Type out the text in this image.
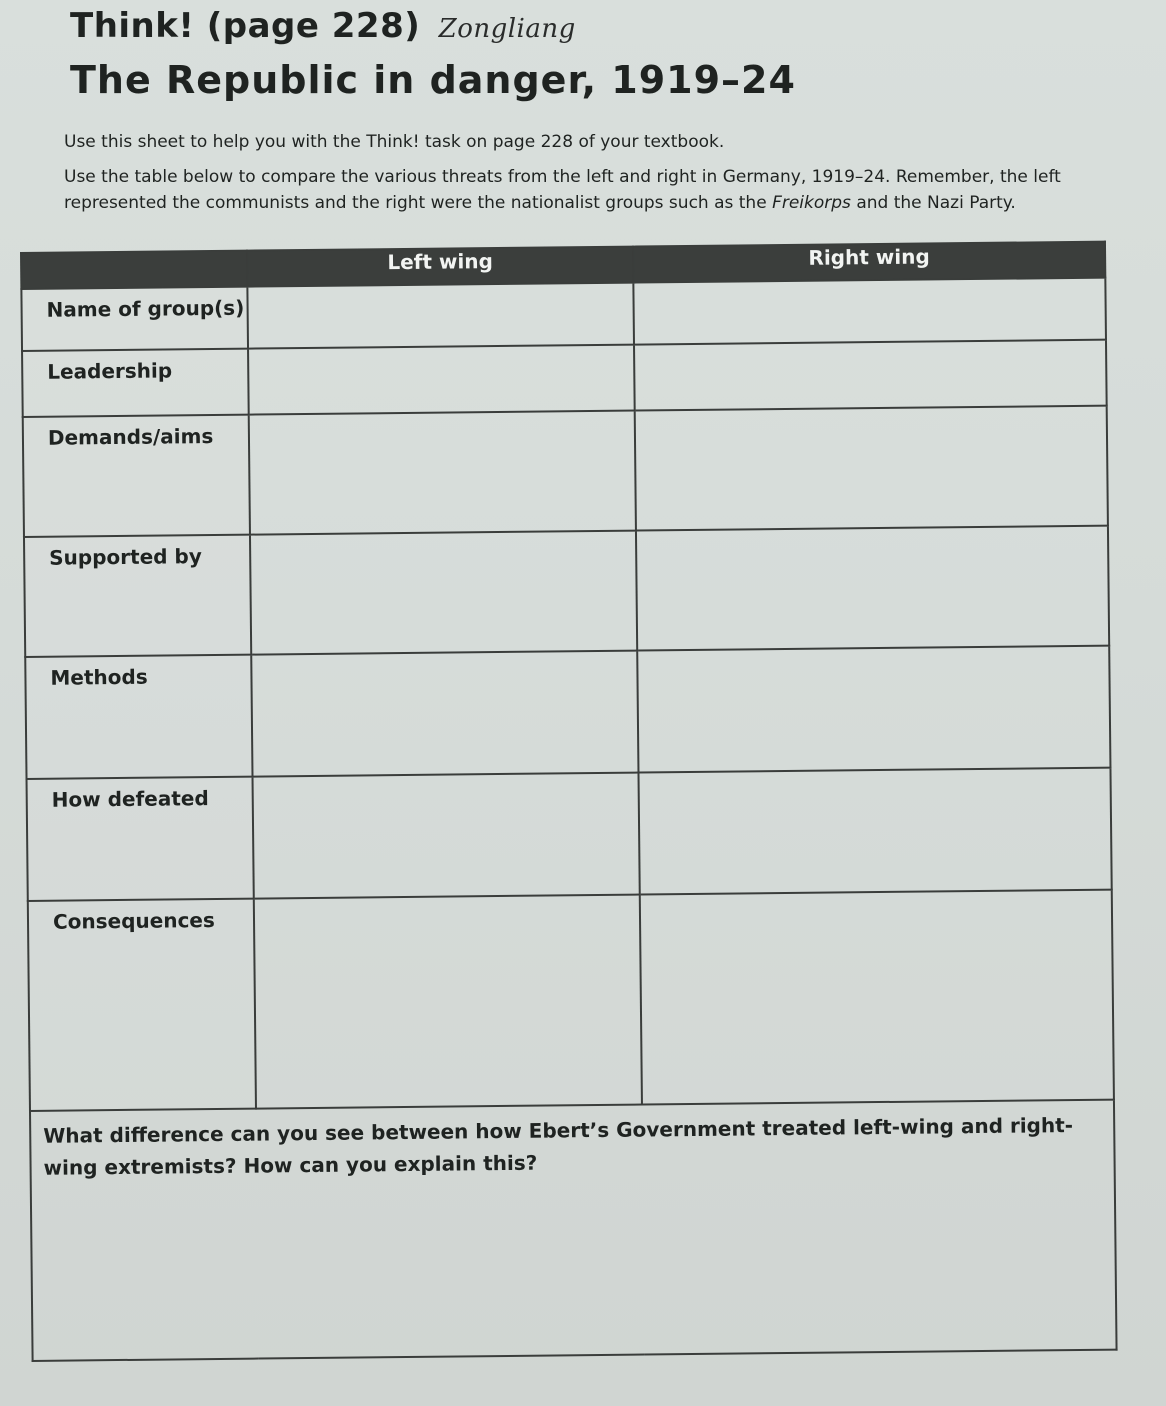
Think! (page 228) Zongliang
The Republic in danger, 1919–24

Use this sheet to help you with the Think! task on page 228 of your textbook.

Use the table below to compare the various threats from the left and right in Germany, 1919–24. Remember, the left represented the communists and the right were the nationalist groups such as the Freikorps and the Nazi Party.

	Left wing	Right wing
Name of group(s)		
Leadership		
Demands/aims		
Supported by		
Methods		
How defeated		
Consequences		

What difference can you see between how Ebert’s Government treated left-wing and right-wing extremists? How can you explain this?		
